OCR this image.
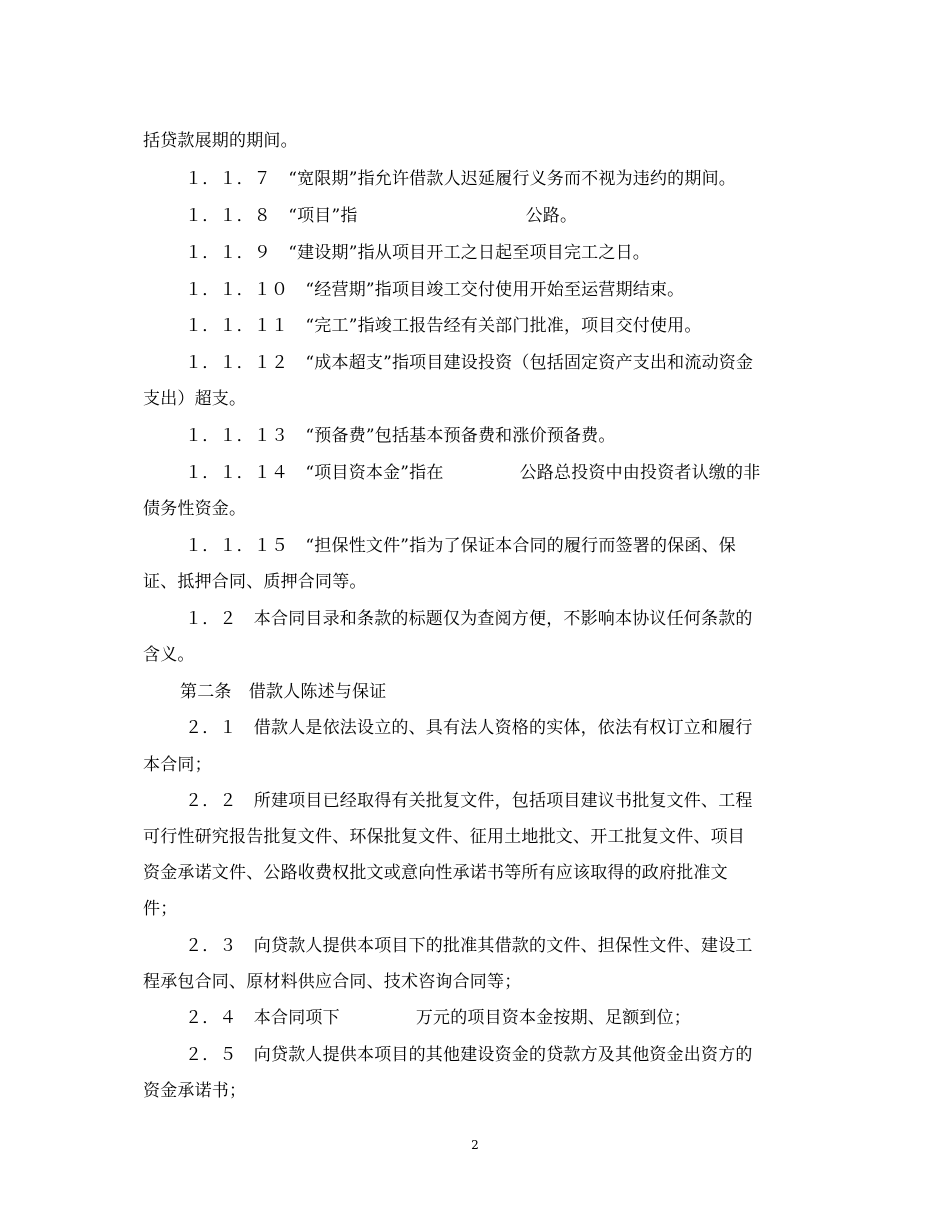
括贷款展期的期间。
１．１．７　“宽限期”指允许借款人迟延履行义务而不视为违约的期间。
１．１．８　“项目”指	公路。
１．１．９　“建设期”指从项目开工之日起至项目完工之日。
１．１．１０　“经营期”指项目竣工交付使用开始至运营期结束。
１．１．１１　“完工”指竣工报告经有关部门批准，项目交付使用。
１．１．１２　“成本超支”指项目建设投资（包括固定资产支出和流动资金
支出）超支。
１．１．１３　“预备费”包括基本预备费和涨价预备费。
１．１．１４　“项目资本金”指在	公路总投资中由投资者认缴的非
债务性资金。
１．１．１５　“担保性文件”指为了保证本合同的履行而签署的保函、保
证、抵押合同、质押合同等。
１．２　本合同目录和条款的标题仅为查阅方便，不影响本协议任何条款的
含义。
第二条　借款人陈述与保证
２．１　借款人是依法设立的、具有法人资格的实体，依法有权订立和履行
本合同；
２．２　所建项目已经取得有关批复文件，包括项目建议书批复文件、工程
可行性研究报告批复文件、环保批复文件、征用土地批文、开工批复文件、项目
资金承诺文件、公路收费权批文或意向性承诺书等所有应该取得的政府批准文
件；
２．３　向贷款人提供本项目下的批准其借款的文件、担保性文件、建设工
程承包合同、原材料供应合同、技术咨询合同等；
２．４　本合同项下	万元的项目资本金按期、足额到位；
２．５　向贷款人提供本项目的其他建设资金的贷款方及其他资金出资方的
资金承诺书；
2
